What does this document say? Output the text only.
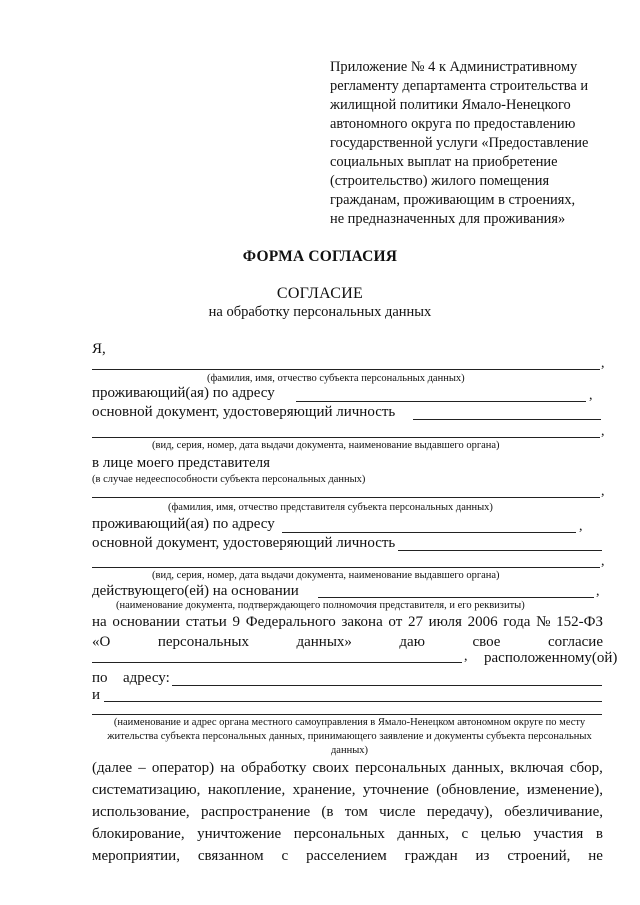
Приложение № 4 к Административному
регламенту департамента строительства и
жилищной политики Ямало-Ненецкого
автономного округа по предоставлению
государственной услуги «Предоставление
социальных выплат на приобретение
(строительство) жилого помещения
гражданам, проживающим в строениях,
не предназначенных для проживания»
ФОРМА СОГЛАСИЯ
СОГЛАСИЕ
на обработку персональных данных
Я,
,
(фамилия, имя, отчество субъекта персональных данных)
проживающий(ая) по адресу	,
основной документ, удостоверяющий личность
,
(вид, серия, номер, дата выдачи документа, наименование выдавшего органа)
в лице моего представителя
(в случае недееспособности субъекта персональных данных)
,
(фамилия, имя, отчество представителя субъекта персональных данных)
проживающий(ая) по адресу	,
основной документ, удостоверяющий личность
,
(вид, серия, номер, дата выдачи документа, наименование выдавшего органа)
действующего(ей) на основании	,
(наименование документа, подтверждающего полномочия представителя, и его реквизиты)
на основании статьи 9 Федерального закона от 27 июля 2006 года № 152-ФЗ
«О	персональных	данных»	даю	свое	согласие
, расположенному(ой)
по адресу:
и
(наименование и адрес органа местного самоуправления в Ямало-Ненецком автономном округе по месту жительства субъекта персональных данных, принимающего заявление и документы субъекта персональных данных)
(далее – оператор) на обработку своих персональных данных, включая сбор,
систематизацию, накопление, хранение, уточнение (обновление, изменение),
использование, распространение (в том числе передачу), обезличивание,
блокирование, уничтожение персональных данных, с целью участия в
мероприятии, связанном с расселением граждан из строений, не
